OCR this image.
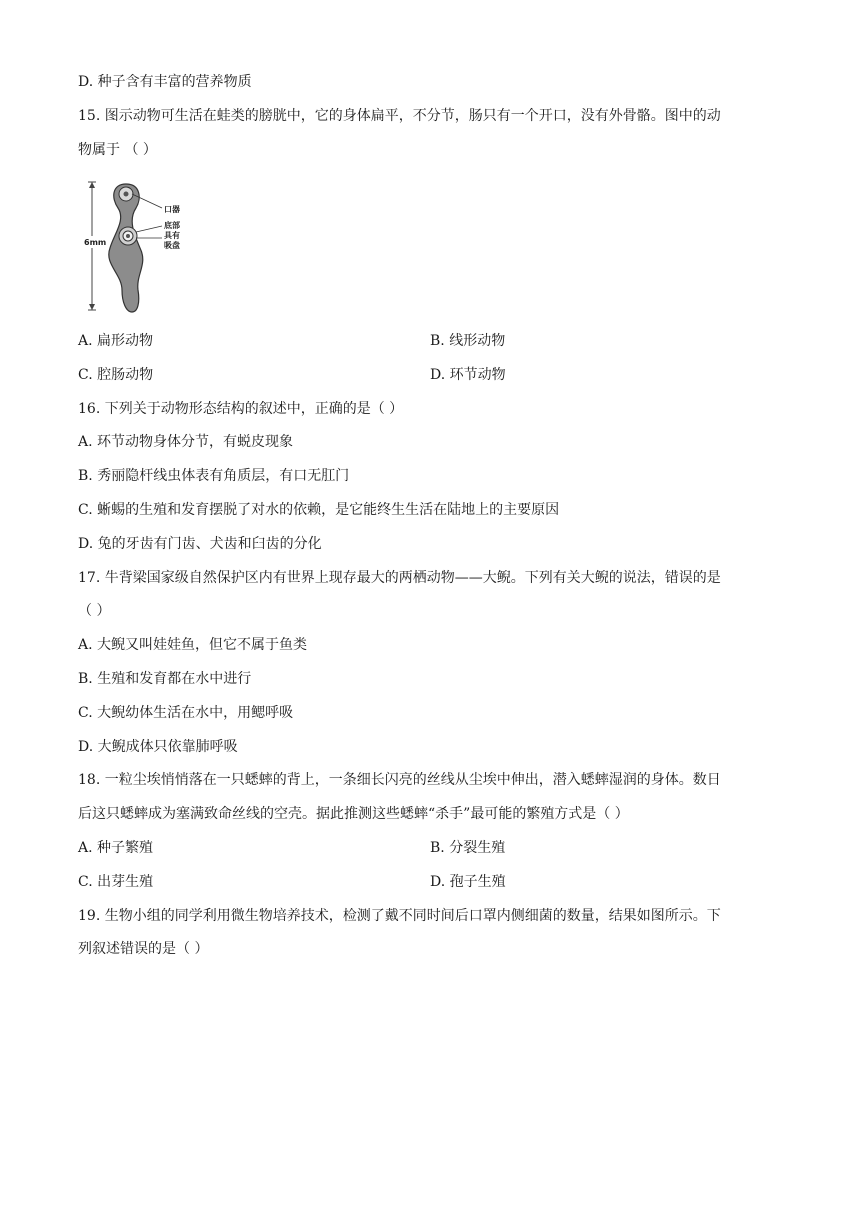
D. 种子含有丰富的营养物质
15. 图示动物可生活在蛙类的膀胱中，它的身体扁平，不分节，肠只有一个开口，没有外骨骼。图中的动
物属于 （ ）
6mm
口器
底部
具有
吸盘
A. 扁形动物	B. 线形动物
C. 腔肠动物	D. 环节动物
16. 下列关于动物形态结构的叙述中，正确的是（ ）
A. 环节动物身体分节，有蜕皮现象
B. 秀丽隐杆线虫体表有角质层，有口无肛门
C. 蜥蜴的生殖和发育摆脱了对水的依赖，是它能终生生活在陆地上的主要原因
D. 兔的牙齿有门齿、犬齿和臼齿的分化
17. 牛背梁国家级自然保护区内有世界上现存最大的两栖动物——大鲵。下列有关大鲵的说法，错误的是
（ ）
A. 大鲵又叫娃娃鱼，但它不属于鱼类
B. 生殖和发育都在水中进行
C. 大鲵幼体生活在水中，用鳃呼吸
D. 大鲵成体只依靠肺呼吸
18. 一粒尘埃悄悄落在一只蟋蟀的背上，一条细长闪亮的丝线从尘埃中伸出，潜入蟋蟀湿润的身体。数日
后这只蟋蟀成为塞满致命丝线的空壳。据此推测这些蟋蟀“杀手”最可能的繁殖方式是（ ）
A. 种子繁殖	B. 分裂生殖
C. 出芽生殖	D. 孢子生殖
19. 生物小组的同学利用微生物培养技术，检测了戴不同时间后口罩内侧细菌的数量，结果如图所示。下
列叙述错误的是（ ）
